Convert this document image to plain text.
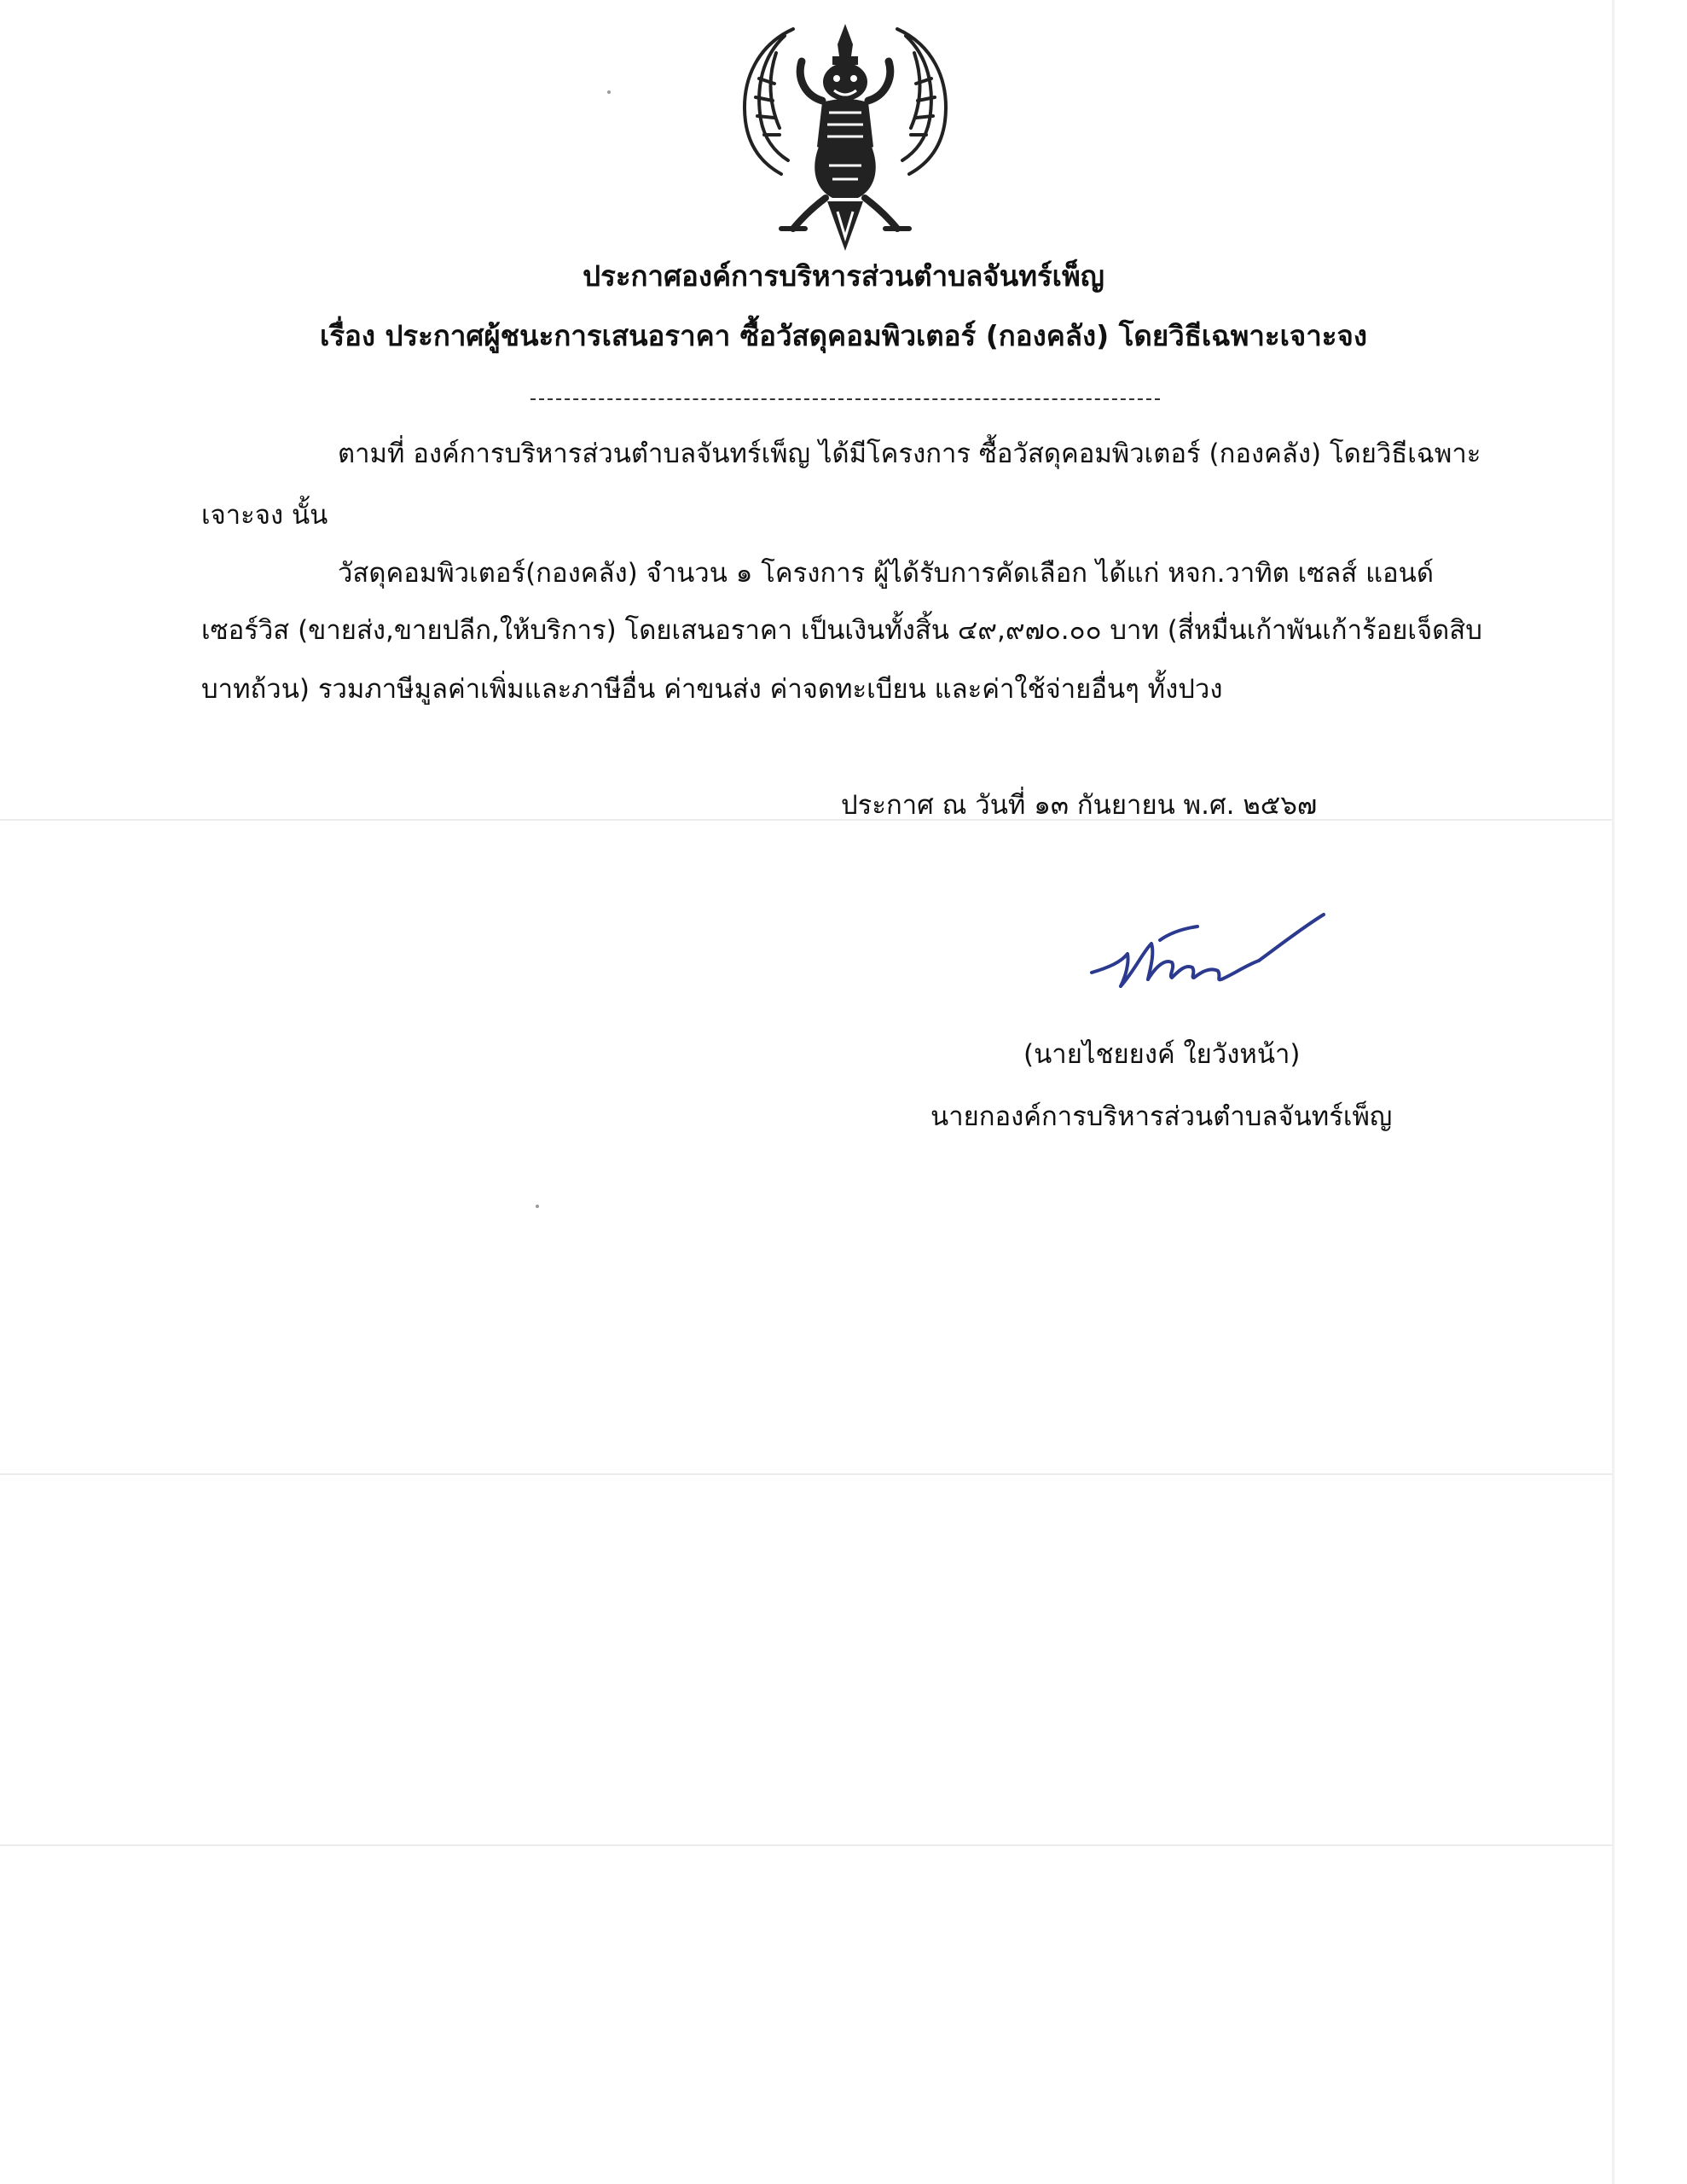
ประกาศองค์การบริหารส่วนตำบลจันทร์เพ็ญ
เรื่อง ประกาศผู้ชนะการเสนอราคา ซื้อวัสดุคอมพิวเตอร์ (กองคลัง) โดยวิธีเฉพาะเจาะจง
ตามที่ องค์การบริหารส่วนตำบลจันทร์เพ็ญ ได้มีโครงการ ซื้อวัสดุคอมพิวเตอร์ (กองคลัง) โดยวิธีเฉพาะ
เจาะจง นั้น
วัสดุคอมพิวเตอร์(กองคลัง) จำนวน ๑ โครงการ ผู้ได้รับการคัดเลือก ได้แก่ หจก.วาทิต เซลส์ แอนด์
เซอร์วิส (ขายส่ง,ขายปลีก,ให้บริการ) โดยเสนอราคา เป็นเงินทั้งสิ้น ๔๙,๙๗๐.๐๐ บาท (สี่หมื่นเก้าพันเก้าร้อยเจ็ดสิบ
บาทถ้วน) รวมภาษีมูลค่าเพิ่มและภาษีอื่น ค่าขนส่ง ค่าจดทะเบียน และค่าใช้จ่ายอื่นๆ ทั้งปวง
ประกาศ ณ วันที่ ๑๓ กันยายน พ.ศ. ๒๕๖๗
(นายไชยยงค์ ใยวังหน้า)
นายกองค์การบริหารส่วนตำบลจันทร์เพ็ญ
